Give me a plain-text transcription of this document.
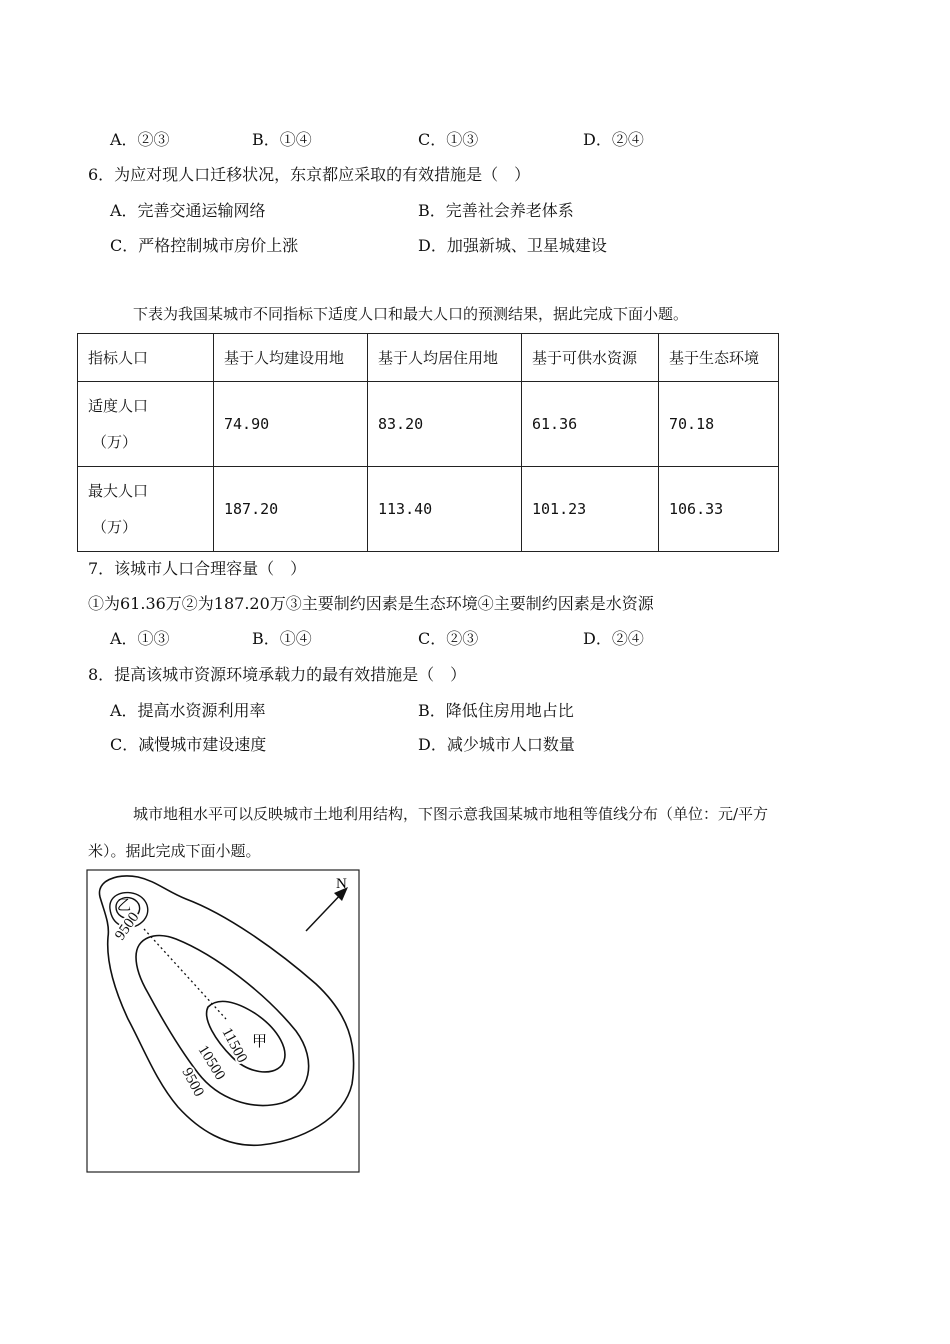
A．②③	B．①④	C．①③	D．②④
6．为应对现人口迁移状况，东京都应采取的有效措施是（　）
A．完善交通运输网络	B．完善社会养老体系
C．严格控制城市房价上涨	D．加强新城、卫星城建设
下表为我国某城市不同指标下适度人口和最大人口的预测结果，据此完成下面小题。
指标人口	基于人均建设用地	基于人均居住用地	基于可供水资源	基于生态环境

适度人口
（万）	74.90	83.20	61.36	70.18

最大人口
（万）	187.20	113.40	101.23	106.33
7．该城市人口合理容量（　）
①为61.36万②为187.20万③主要制约因素是生态环境④主要制约因素是水资源
A．①③	B．①④	C．②③	D．②④
8．提高该城市资源环境承载力的最有效措施是（　）
A．提高水资源利用率	B．降低住房用地占比
C．减慢城市建设速度	D．减少城市人口数量
城市地租水平可以反映城市土地利用结构，下图示意我国某城市地租等值线分布（单位：元/平方
米）。据此完成下面小题。
乙
甲
9500
11500
10500
9500
N
